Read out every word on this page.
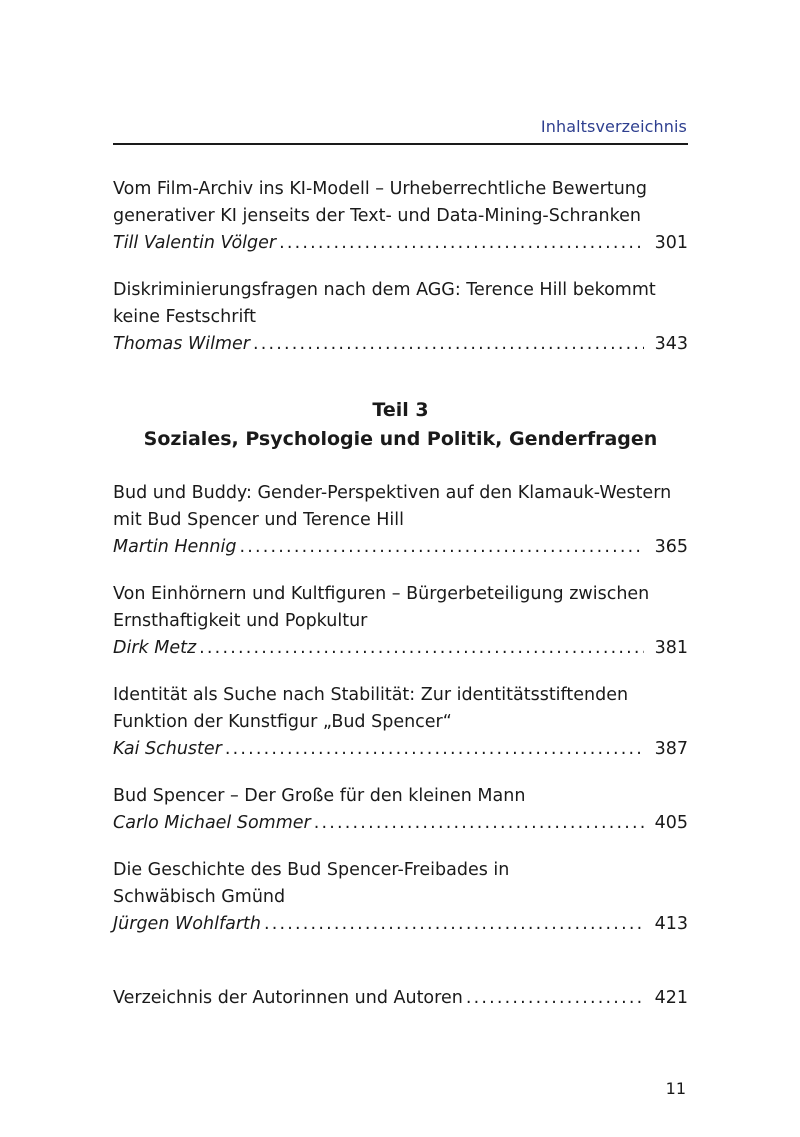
Inhaltsverzeichnis
Vom Film-Archiv ins KI-Modell – Urheberrechtliche Bewertung
generativer KI jenseits der Text- und Data-Mining-Schranken
Till Valentin Völger .....	301
Diskriminierungsfragen nach dem AGG: Terence Hill bekommt
keine Festschrift
Thomas Wilmer .....	343
Teil 3
Soziales, Psychologie und Politik, Genderfragen
Bud und Buddy: Gender-Perspektiven auf den Klamauk-Western
mit Bud Spencer und Terence Hill
Martin Hennig .....	365
Von Einhörnern und Kultfiguren – Bürgerbeteiligung zwischen
Ernsthaftigkeit und Popkultur
Dirk Metz .....	381
Identität als Suche nach Stabilität: Zur identitätsstiftenden
Funktion der Kunstfigur „Bud Spencer“
Kai Schuster .....	387
Bud Spencer – Der Große für den kleinen Mann
Carlo Michael Sommer .....	405
Die Geschichte des Bud Spencer-Freibades in
Schwäbisch Gmünd
Jürgen Wohlfarth .....	413
Verzeichnis der Autorinnen und Autoren .....	421
11
